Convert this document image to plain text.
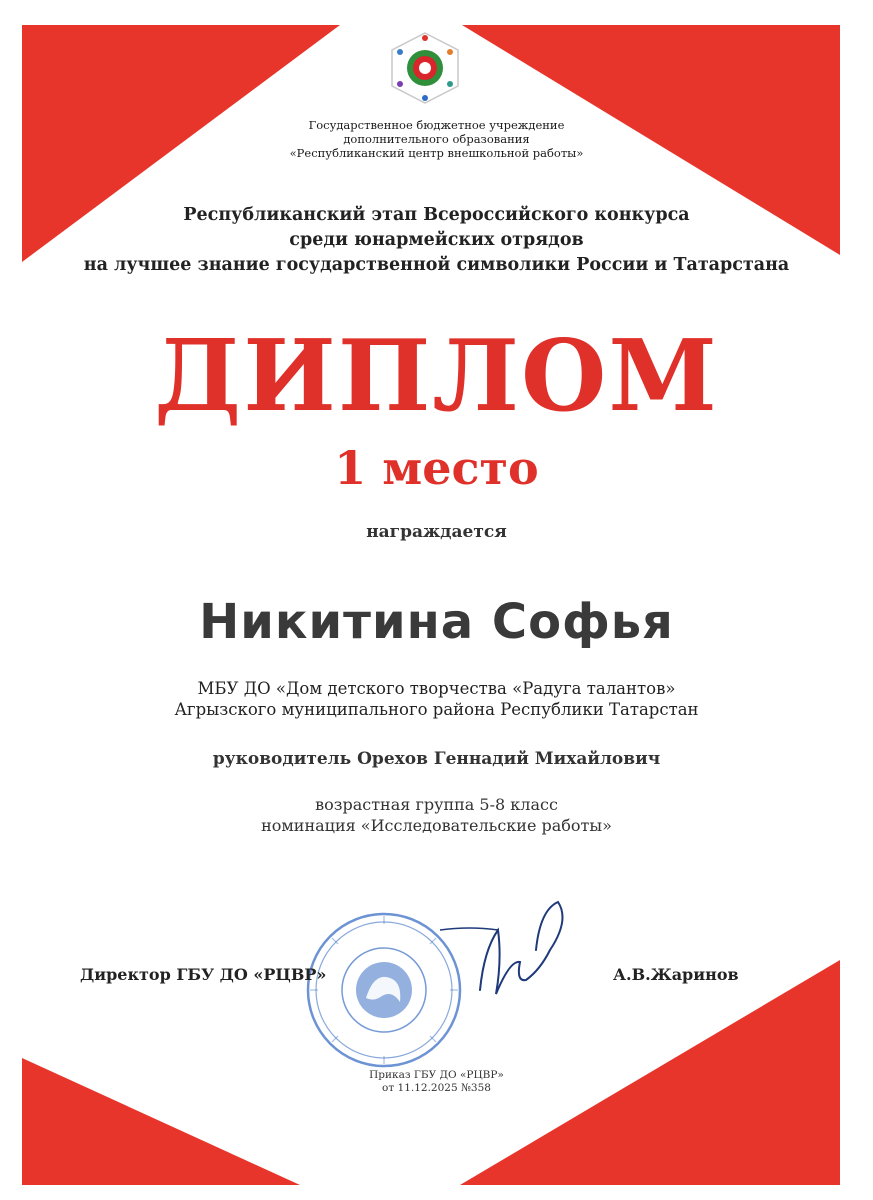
Государственное бюджетное учреждение
дополнительного образования
«Республиканский центр внешкольной работы»
Республиканский этап Всероссийского конкурса
среди юнармейских отрядов
на лучшее знание государственной символики России и Татарстана
ДИПЛОМ
1 место
награждается
Никитина Софья
МБУ ДО «Дом детского творчества «Радуга талантов»
Агрызского муниципального района Республики Татарстан
руководитель Орехов Геннадий Михайлович
возрастная группа 5-8 класс
номинация «Исследовательские работы»
Директор ГБУ ДО «РЦВР»	А.В.Жаринов
Приказ ГБУ ДО «РЦВР»
от 11.12.2025 №358
